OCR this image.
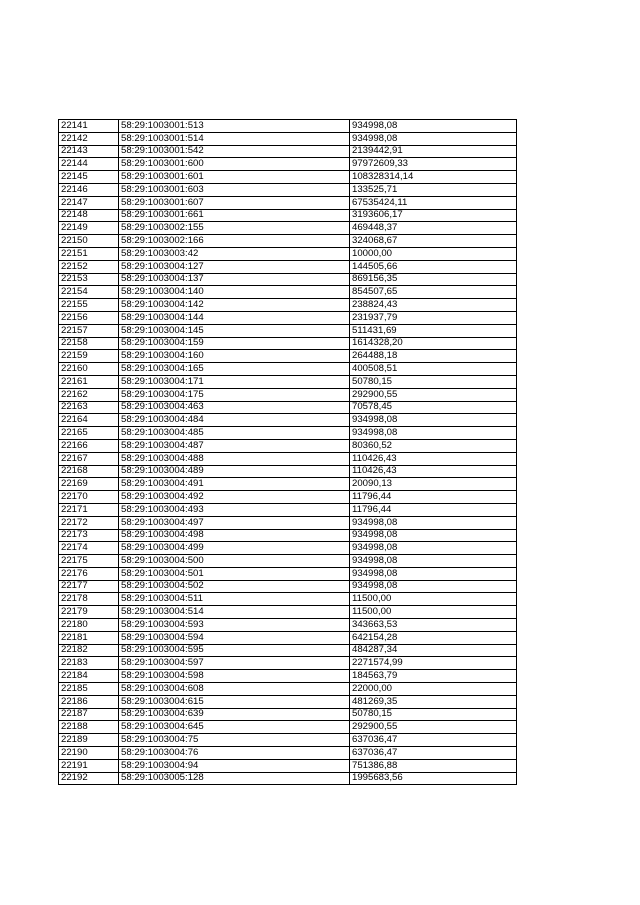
22141	58:29:1003001:513	934998,08
22142	58:29:1003001:514	934998,08
22143	58:29:1003001:542	2139442,91
22144	58:29:1003001:600	97972609,33
22145	58:29:1003001:601	108328314,14
22146	58:29:1003001:603	133525,71
22147	58:29:1003001:607	67535424,11
22148	58:29:1003001:661	3193606,17
22149	58:29:1003002:155	469448,37
22150	58:29:1003002:166	324068,67
22151	58:29:1003003:42	10000,00
22152	58:29:1003004:127	144505,66
22153	58:29:1003004:137	869156,35
22154	58:29:1003004:140	854507,65
22155	58:29:1003004:142	238824,43
22156	58:29:1003004:144	231937,79
22157	58:29:1003004:145	511431,69
22158	58:29:1003004:159	1614328,20
22159	58:29:1003004:160	264488,18
22160	58:29:1003004:165	400508,51
22161	58:29:1003004:171	50780,15
22162	58:29:1003004:175	292900,55
22163	58:29:1003004:463	70578,45
22164	58:29:1003004:484	934998,08
22165	58:29:1003004:485	934998,08
22166	58:29:1003004:487	80360,52
22167	58:29:1003004:488	110426,43
22168	58:29:1003004:489	110426,43
22169	58:29:1003004:491	20090,13
22170	58:29:1003004:492	11796,44
22171	58:29:1003004:493	11796,44
22172	58:29:1003004:497	934998,08
22173	58:29:1003004:498	934998,08
22174	58:29:1003004:499	934998,08
22175	58:29:1003004:500	934998,08
22176	58:29:1003004:501	934998,08
22177	58:29:1003004:502	934998,08
22178	58:29:1003004:511	11500,00
22179	58:29:1003004:514	11500,00
22180	58:29:1003004:593	343663,53
22181	58:29:1003004:594	642154,28
22182	58:29:1003004:595	484287,34
22183	58:29:1003004:597	2271574,99
22184	58:29:1003004:598	184563,79
22185	58:29:1003004:608	22000,00
22186	58:29:1003004:615	481269,35
22187	58:29:1003004:639	50780,15
22188	58:29:1003004:645	292900,55
22189	58:29:1003004:75	637036,47
22190	58:29:1003004:76	637036,47
22191	58:29:1003004:94	751386,88
22192	58:29:1003005:128	1995683,56
